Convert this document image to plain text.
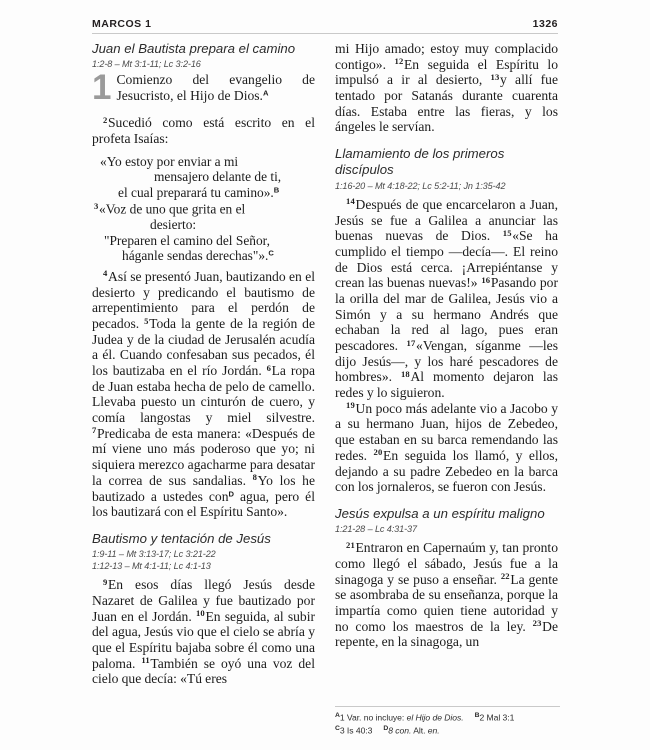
MARCOS 1	1326
Juan el Bautista prepara el camino
1:2-8 – Mt 3:1-11; Lc 3:2-16
1 Comienzo del evangelio de Jesucristo, el Hijo de Dios.$^A$

$^2$Sucedió como está escrito en el profeta Isaías:

«Yo estoy por enviar a mi
mensajero delante de ti,
el cual preparará tu camino».$^B$
$^3$«Voz de uno que grita en el
desierto:
"Preparen el camino del Señor,
háganle sendas derechas"».$^C$

$^4$Así se presentó Juan, bautizando en el desierto y predicando el bautismo de arrepentimiento para el perdón de pecados. $^5$Toda la gente de la región de Judea y de la ciudad de Jerusalén acudía a él. Cuando confesaban sus pecados, él los bautizaba en el río Jordán. $^6$La ropa de Juan estaba hecha de pelo de camello. Llevaba puesto un cinturón de cuero, y comía langostas y miel silvestre. $^7$Predicaba de esta manera: «Después de mí viene uno más poderoso que yo; ni siquiera merezco agacharme para desatar la correa de sus sandalias. $^8$Yo los he bautizado a ustedes con$^D$ agua, pero él los bautizará con el Espíritu Santo».

Bautismo y tentación de Jesús
1:9-11 – Mt 3:13-17; Lc 3:21-22
1:12-13 – Mt 4:1-11; Lc 4:1-13

$^9$En esos días llegó Jesús desde Nazaret de Galilea y fue bautizado por Juan en el Jordán. $^{10}$En seguida, al subir del agua, Jesús vio que el cielo se abría y que el Espíritu bajaba sobre él como una paloma. $^{11}$También se oyó una voz del cielo que decía: «Tú eres

mi Hijo amado; estoy muy complacido contigo». $^{12}$En seguida el Espíritu lo impulsó a ir al desierto, $^{13}$y allí fue tentado por Satanás durante cuarenta días. Estaba entre las fieras, y los ángeles le servían.

Llamamiento de los primeros discípulos
1:16-20 – Mt 4:18-22; Lc 5:2-11; Jn 1:35-42

$^{14}$Después de que encarcelaron a Juan, Jesús se fue a Galilea a anunciar las buenas nuevas de Dios. $^{15}$«Se ha cumplido el tiempo —decía—. El reino de Dios está cerca. ¡Arrepiéntanse y crean las buenas nuevas!» $^{16}$Pasando por la orilla del mar de Galilea, Jesús vio a Simón y a su hermano Andrés que echaban la red al lago, pues eran pescadores. $^{17}$«Vengan, síganme —les dijo Jesús—, y los haré pescadores de hombres». $^{18}$Al momento dejaron las redes y lo siguieron.

$^{19}$Un poco más adelante vio a Jacobo y a su hermano Juan, hijos de Zebedeo, que estaban en su barca remendando las redes. $^{20}$En seguida los llamó, y ellos, dejando a su padre Zebedeo en la barca con los jornaleros, se fueron con Jesús.

Jesús expulsa a un espíritu maligno
1:21-28 – Lc 4:31-37

$^{21}$Entraron en Capernaúm y, tan pronto como llegó el sábado, Jesús fue a la sinagoga y se puso a enseñar. $^{22}$La gente se asombraba de su enseñanza, porque la impartía como quien tiene autoridad y no como los maestros de la ley. $^{23}$De repente, en la sinagoga, un

$^A$1 Var. no incluye: el Hijo de Dios. $^B$2 Mal 3:1
$^C$3 Is 40:3 $^D$8 con. Alt. en.
